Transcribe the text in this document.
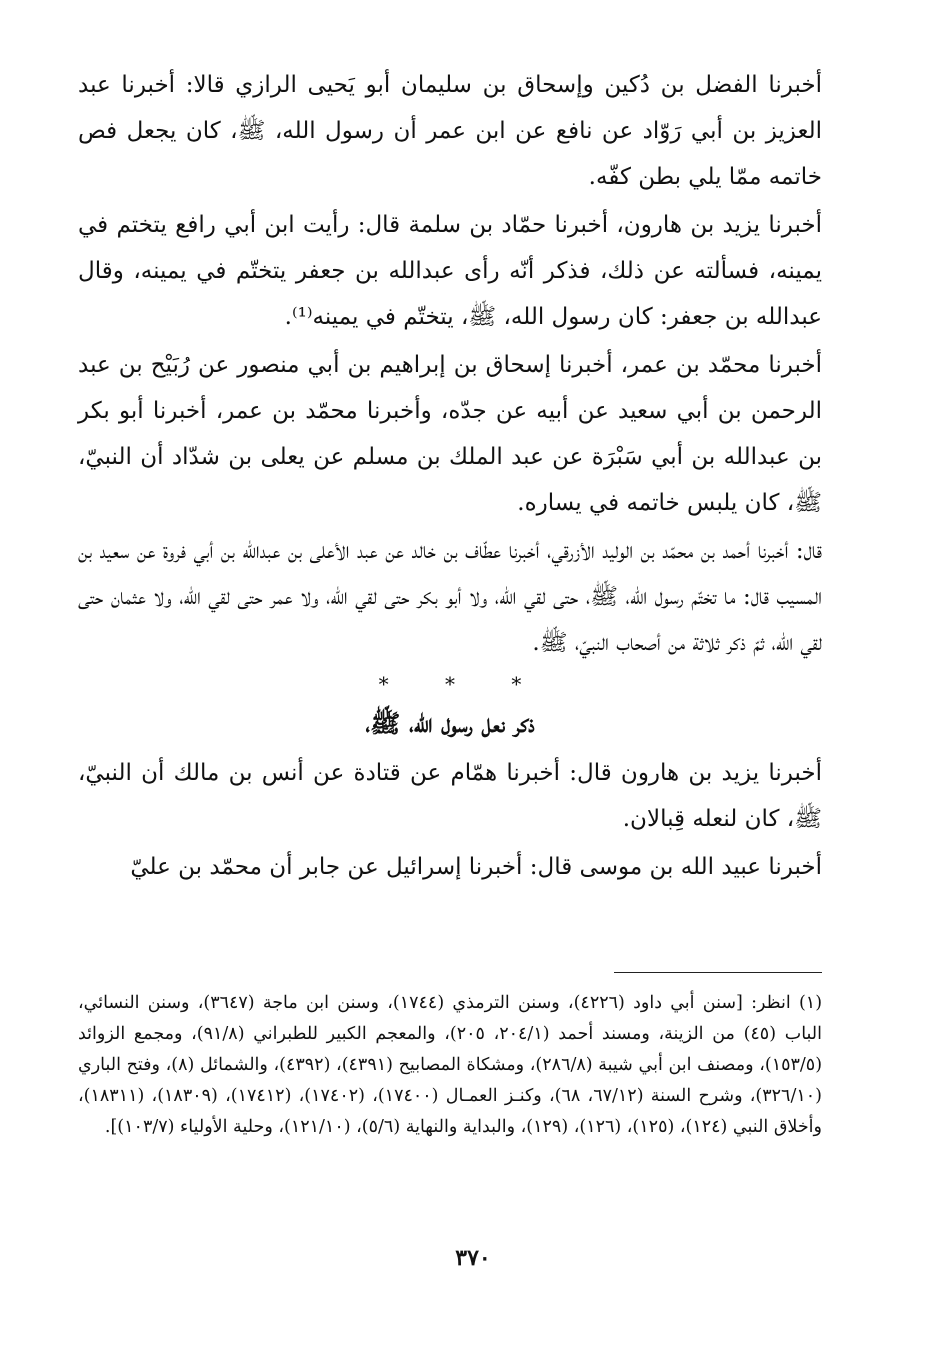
أخبرنا الفضل بن دُكين وإسحاق بن سليمان أبو يَحيى الرازي قالا: أخبرنا عبد العزيز بن أبي رَوّاد عن نافع عن ابن عمر أن رسول الله، ﷺ، كان يجعل فص خاتمه ممّا يلي بطن كفّه.

أخبرنا يزيد بن هارون، أخبرنا حمّاد بن سلمة قال: رأيت ابن أبي رافع يتختم في يمينه، فسألته عن ذلك، فذكر أنّه رأى عبدالله بن جعفر يتختّم في يمينه، وقال عبدالله بن جعفر: كان رسول الله، ﷺ، يتختّم في يمينه⁽¹⁾.

أخبرنا محمّد بن عمر، أخبرنا إسحاق بن إبراهيم بن أبي منصور عن رُبَيْح بن عبد الرحمن بن أبي سعيد عن أبيه عن جدّه، وأخبرنا محمّد بن عمر، أخبرنا أبو بكر بن عبدالله بن أبي سَبْرَة عن عبد الملك بن مسلم عن يعلى بن شدّاد أن النبيّ، ﷺ، كان يلبس خاتمه في يساره.

قال: أخبرنا أحمد بن محمّد بن الوليد الأزرقي، أخبرنا عطّاف بن خالد عن عبد الأعلى بن عبدالله بن أبي فروة عن سعيد بن المسيب قال: ما تختّم رسول الله، ﷺ، حتى لقي الله، ولا أبو بكر حتى لقي الله، ولا عمر حتى لقي الله، ولا عثمان حتى لقي الله، ثمّ ذكر ثلاثة من أصحاب النبيّ، ﷺ.

* * *
ذكر نعل رسول الله، ﷺ،

أخبرنا يزيد بن هارون قال: أخبرنا همّام عن قتادة عن أنس بن مالك أن النبيّ، ﷺ، كان لنعله قِبالان.

أخبرنا عبيد الله بن موسى قال: أخبرنا إسرائيل عن جابر أن محمّد بن عليّ

(١) انظر: [سنن أبي داود (٤٢٢٦)، وسنن الترمذي (١٧٤٤)، وسنن ابن ماجة (٣٦٤٧)، وسنن النسائي، الباب (٤٥) من الزينة، ومسند أحمد (٢٠٤/١، ٢٠٥)، والمعجم الكبير للطبراني (٩١/٨)، ومجمع الزوائد (١٥٣/٥)، ومصنف ابن أبي شيبة (٢٨٦/٨)، ومشكاة المصابيح (٤٣٩١)، (٤٣٩٢)، والشمائل (٨)، وفتح الباري (٣٢٦/١٠)، وشرح السنة (٦٧/١٢، ٦٨)، وكنـز العمـال (١٧٤٠٠)، (١٧٤٠٢)، (١٧٤١٢)، (١٨٣٠٩)، (١٨٣١١)، وأخلاق النبي (١٢٤)، (١٢٥)، (١٢٦)، (١٢٩)، والبداية والنهاية (٥/٦)، (١٢١/١٠)، وحلية الأولياء (١٠٣/٧)].
٣٧٠
